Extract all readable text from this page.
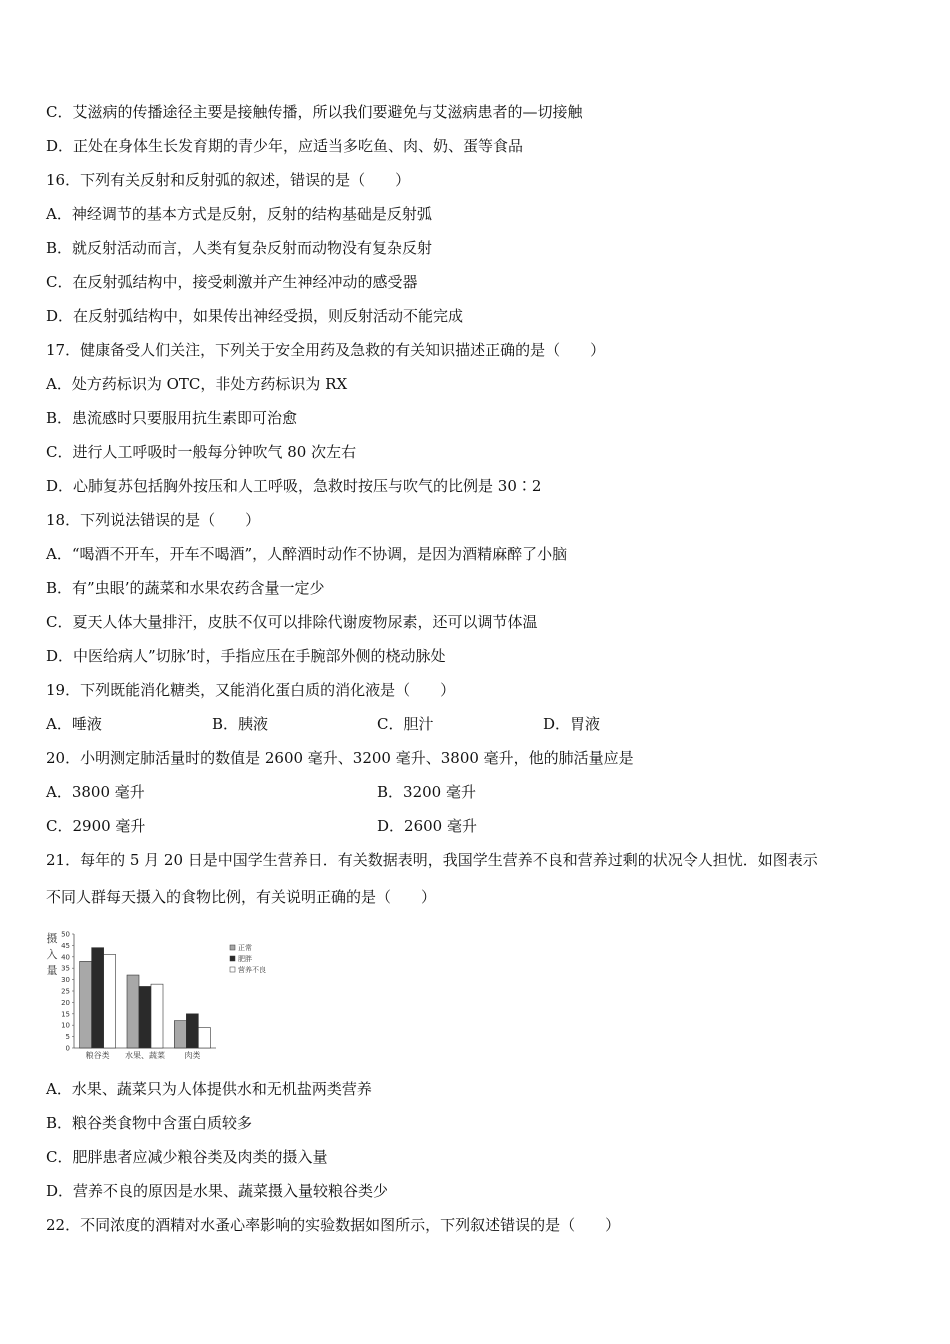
C．艾滋病的传播途径主要是接触传播，所以我们要避免与艾滋病患者的—切接触
D．正处在身体生长发育期的青少年，应适当多吃鱼、肉、奶、蛋等食品
16．下列有关反射和反射弧的叙述，错误的是（　　）
A．神经调节的基本方式是反射，反射的结构基础是反射弧
B．就反射活动而言，人类有复杂反射而动物没有复杂反射
C．在反射弧结构中，接受刺激并产生神经冲动的感受器
D．在反射弧结构中，如果传出神经受损，则反射活动不能完成
17．健康备受人们关注，下列关于安全用药及急救的有关知识描述正确的是（　　）
A．处方药标识为 OTC，非处方药标识为 RX
B．患流感时只要服用抗生素即可治愈
C．进行人工呼吸时一般每分钟吹气 80 次左右
D．心肺复苏包括胸外按压和人工呼吸，急救时按压与吹气的比例是 30∶2
18．下列说法错误的是（　　）
A．“喝酒不开车，开车不喝酒”，人醉酒时动作不协调，是因为酒精麻醉了小脑
B．有”虫眼’的蔬菜和水果农药含量一定少
C．夏天人体大量排汗，皮肤不仅可以排除代谢废物尿素，还可以调节体温
D．中医给病人”切脉’时，手指应压在手腕部外侧的桡动脉处
19．下列既能消化糖类，又能消化蛋白质的消化液是（　　）
A．唾液	B．胰液	C．胆汁	D．胃液
20．小明测定肺活量时的数值是 2600 毫升、3200 毫升、3800 毫升，他的肺活量应是
A．3800 毫升	B．3200 毫升
C．2900 毫升	D．2600 毫升
21．每年的 5 月 20 日是中国学生营养日．有关数据表明，我国学生营养不良和营养过剩的状况令人担忧．如图表示
不同人群每天摄入的食物比例，有关说明正确的是（　　）
摄
入
量
0
5
10
15
20
25
30
35
40
45
50
粮谷类 水果、蔬菜 肉类
正常
肥胖
营养不良
A．水果、蔬菜只为人体提供水和无机盐两类营养
B．粮谷类食物中含蛋白质较多
C．肥胖患者应减少粮谷类及肉类的摄入量
D．营养不良的原因是水果、蔬菜摄入量较粮谷类少
22．不同浓度的酒精对水蚤心率影响的实验数据如图所示，下列叙述错误的是（　　）
